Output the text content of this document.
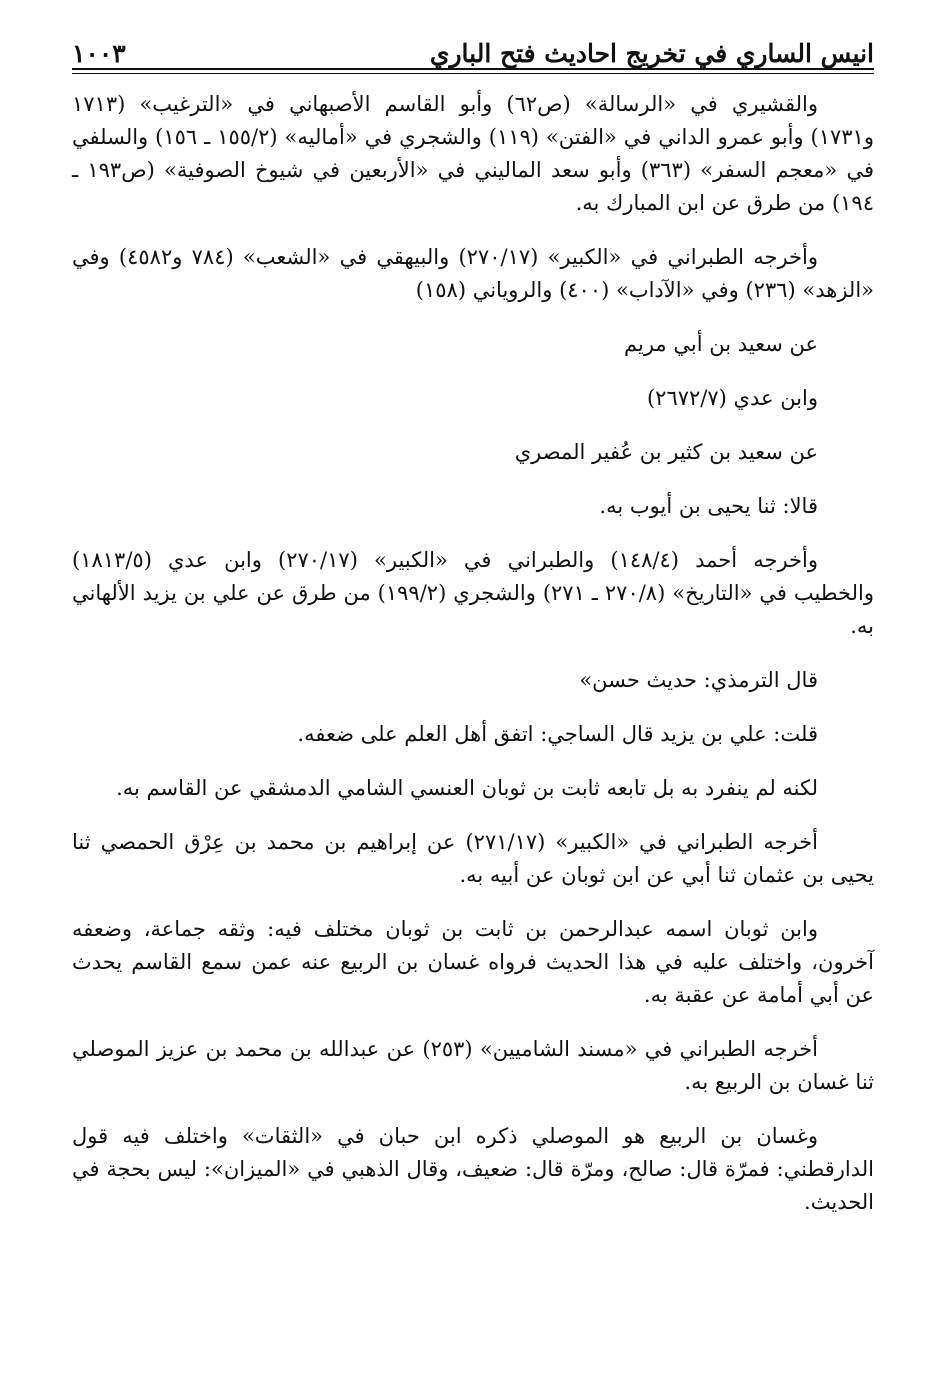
انيس الساري في تخريج احاديث فتح الباري
١٠٠٣

والقشيري في «الرسالة» (ص٦٢) وأبو القاسم الأصبهاني في «الترغيب» (١٧١٣ و١٧٣١) وأبو عمرو الداني في «الفتن» (١١٩) والشجري في «أماليه» (١٥٥/٢ ـ ١٥٦) والسلفي في «معجم السفر» (٣٦٣) وأبو سعد الماليني في «الأربعين في شيوخ الصوفية» (ص١٩٣ ـ ١٩٤) من طرق عن ابن المبارك به.

وأخرجه الطبراني في «الكبير» (٢٧٠/١٧) والبيهقي في «الشعب» (٧٨٤ و٤٥٨٢) وفي «الزهد» (٢٣٦) وفي «الآداب» (٤٠٠) والروياني (١٥٨)

عن سعيد بن أبي مريم

وابن عدي (٢٦٧٢/٧)

عن سعيد بن كثير بن عُفير المصري

قالا: ثنا يحيى بن أيوب به.

وأخرجه أحمد (١٤٨/٤) والطبراني في «الكبير» (٢٧٠/١٧) وابن عدي (١٨١٣/٥) والخطيب في «التاريخ» (٢٧٠/٨ ـ ٢٧١) والشجري (١٩٩/٢) من طرق عن علي بن يزيد الألهاني به.

قال الترمذي: حديث حسن»

قلت: علي بن يزيد قال الساجي: اتفق أهل العلم على ضعفه.

لكنه لم ينفرد به بل تابعه ثابت بن ثوبان العنسي الشامي الدمشقي عن القاسم به.

أخرجه الطبراني في «الكبير» (٢٧١/١٧) عن إبراهيم بن محمد بن عِرْق الحمصي ثنا يحيى بن عثمان ثنا أبي عن ابن ثوبان عن أبيه به.

وابن ثوبان اسمه عبدالرحمن بن ثابت بن ثوبان مختلف فيه: وثقه جماعة، وضعفه آخرون، واختلف عليه في هذا الحديث فرواه غسان بن الربيع عنه عمن سمع القاسم يحدث عن أبي أمامة عن عقبة به.

أخرجه الطبراني في «مسند الشاميين» (٢٥٣) عن عبدالله بن محمد بن عزيز الموصلي ثنا غسان بن الربيع به.

وغسان بن الربيع هو الموصلي ذكره ابن حبان في «الثقات» واختلف فيه قول الدارقطني: فمرّة قال: صالح، ومرّة قال: ضعيف، وقال الذهبي في «الميزان»: ليس بحجة في الحديث.
